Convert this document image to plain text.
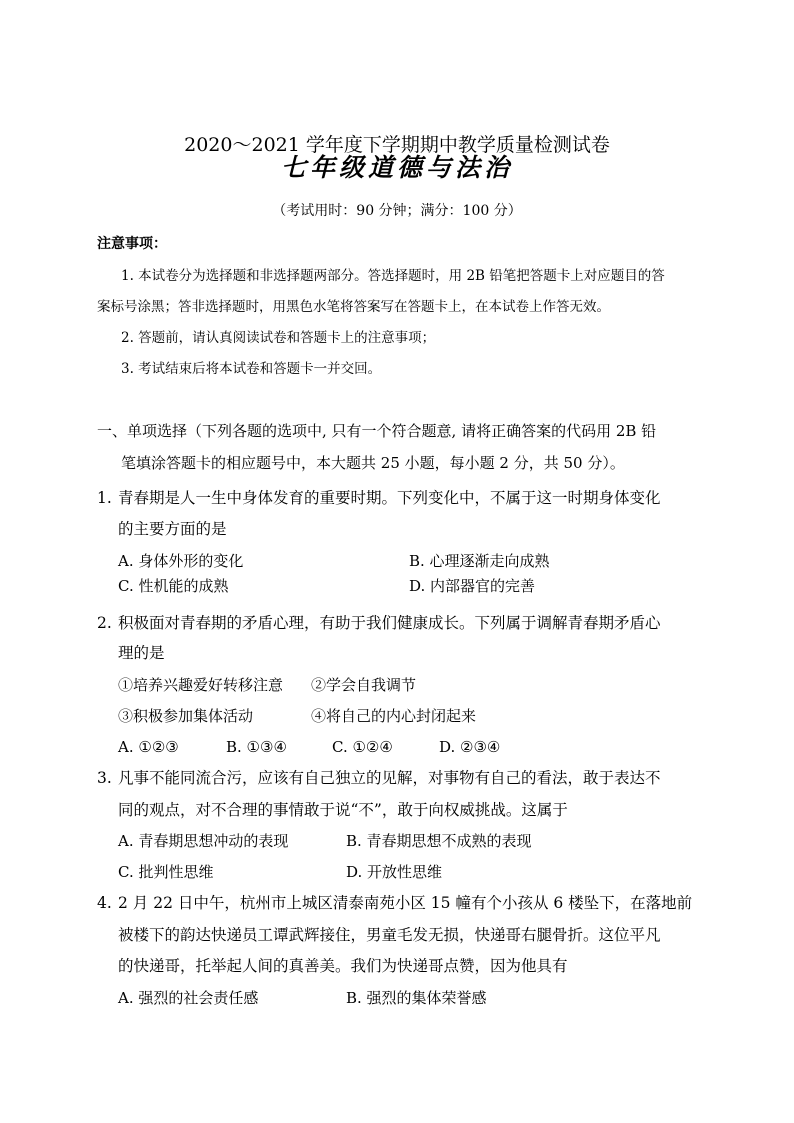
2020～2021 学年度下学期期中教学质量检测试卷
七年级道德与法治
（考试用时：90 分钟；满分：100 分）
注意事项：
1. 本试卷分为选择题和非选择题两部分。答选择题时，用 2B 铅笔把答题卡上对应题目的答
案标号涂黑；答非选择题时，用黑色水笔将答案写在答题卡上，在本试卷上作答无效。
2. 答题前，请认真阅读试卷和答题卡上的注意事项；
3. 考试结束后将本试卷和答题卡一并交回。
一、单项选择（下列各题的选项中, 只有一个符合题意, 请将正确答案的代码用 2B 铅
笔填涂答题卡的相应题号中，本大题共 25 小题，每小题 2 分，共 50 分）。
1. 青春期是人一生中身体发育的重要时期。下列变化中，不属于这一时期身体变化
的主要方面的是
A. 身体外形的变化	B. 心理逐渐走向成熟
C. 性机能的成熟	D. 内部器官的完善
2. 积极面对青春期的矛盾心理，有助于我们健康成长。下列属于调解青春期矛盾心
理的是
①培养兴趣爱好转移注意 ②学会自我调节
③积极参加集体活动	④将自己的内心封闭起来
A. ①②③	B. ①③④	C. ①②④	D. ②③④
3. 凡事不能同流合污，应该有自己独立的见解，对事物有自己的看法，敢于表达不
同的观点，对不合理的事情敢于说“不”，敢于向权威挑战。这属于
A. 青春期思想冲动的表现	B. 青春期思想不成熟的表现
C. 批判性思维	D. 开放性思维
4. 2 月 22 日中午，杭州市上城区清泰南苑小区 15 幢有个小孩从 6 楼坠下，在落地前
被楼下的韵达快递员工谭武辉接住，男童毛发无损，快递哥右腿骨折。这位平凡
的快递哥，托举起人间的真善美。我们为快递哥点赞，因为他具有
A. 强烈的社会责任感	B. 强烈的集体荣誉感
